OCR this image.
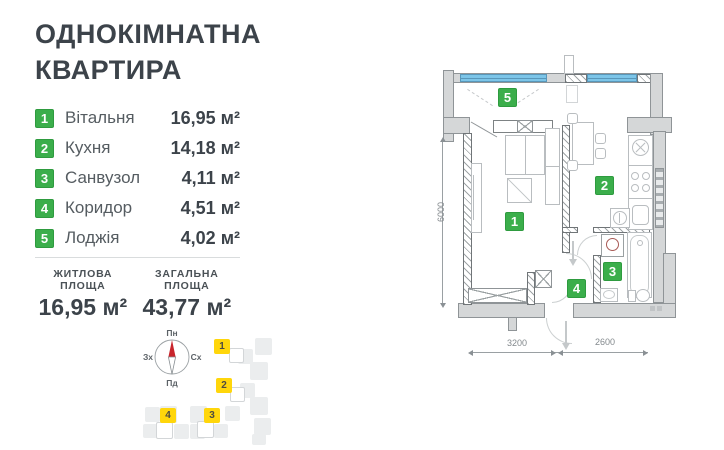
ОДНОКІМНАТНА
КВАРТИРА
1 Вітальня 16,95 м²
2 Кухня	14,18 м²
3 Санвузол 4,11 м²
4 Коридор	4,51 м²
5 Лоджія	4,02 м²
ЖИТЛОВА ПЛОЩА
16,95 м²
ЗАГАЛЬНА ПЛОЩА
43,77 м²
Пн
Пд
Сх
Зх
1
2
3
4
5
1
2
3
4
6000
3200	2600
